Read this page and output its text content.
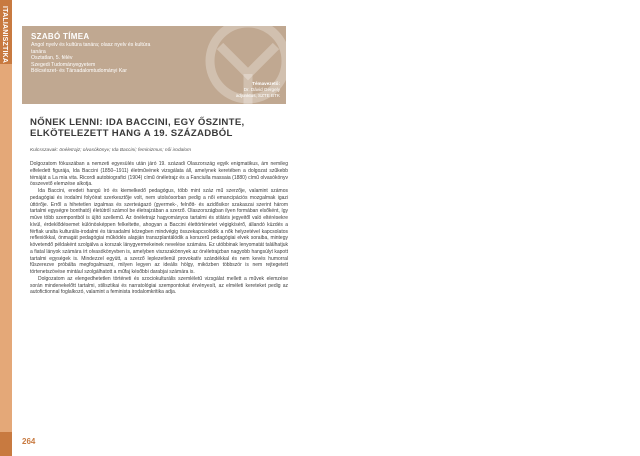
ITALIANISZTIKA
264
SZABÓ TÍMEA
Angol nyelv és kultúra tanára; olasz nyelv és kultúra
tanára
Osztatlan, 5. félév
Szegedi Tudományegyetem
Bölcsészet- és Társadalomtudományi Kar
Témavezető:
Dr. Dávid Gergely
adjunktus, SZTE BTK
NŐNEK LENNI: IDA BACCINI, EGY ŐSZINTE, ELKÖTELEZETT HANG A 19. SZÁZADBÓL
Kulcsszavak: önéletrajz; olvasókönyv; Ida Baccini; feminizmus; női irodalom

Dolgozatom fókuszában a nemzeti egyesülés után járó 19. századi Olaszország egyik enigmatikus, ám nemileg elfeledett figurája, Ida Baccini (1850–1911) életművének vizsgálata áll, amelynek keretében a dolgozat szűkebb témáját a La mia vita. Ricordi autobiografici (1904) című önéletrajz és a Fanciulla massaia (1880) című olvasókönyv összevető elemzése alkotja.

Ida Baccini, eredeti hangú író és kiemelkedő pedagógus, több mint száz mű szerzője, valamint számos pedagógiai és irodalmi folyóirat szerkesztője volt, nem utolsósorban pedig a női emancipációs mozgalmak igazi úttörője. Erről a hihetetlen izgalmas és szerteágazó (gyermek-, felnőtt- és azidősikor szakaszai szerint három tartalmi egységre bontható) életútról számol be életrajzában a szerző. Olaszországban ilyen formában elsőként, így mûve több szempontból is újító szellemű. Az önéletrajz hagyományos tartalmi és stiláris jegyeitől való eltérésekre kívül, érdeklődésemet különösképpen felkeltette, ahogyan a Baccini élettörténetet végigkísérő, állandó küzdés a férfiak uralta kulturális-irodalmi és társadalmi közegben mindvégig összekapcsolódik a nők helyzetével kapcsolatos reflexiókkal, önmagát pedagógiai működés alapján transzplantálódik a korszerű pedagógiai elvek soraiba, mintegy követendő példaként szolgálva a korszak lánygyermekeinek nevelése számára. Ez utóbbinak lenyomatát találhatjuk a fiatal lányok számára írt olvasókönyvben is, amelyben viszszakönnyek az önéletrajzban nagyobb hangsúlyt kapott tartalmi egységek is. Mindezzel együtt, a szerző leplezetlenül provokatív szándékkal és nem kevés humorral fűszerezve próbálta megfogalmazni, milyen legyen az ideális hölgy, miközben többször is nem rejtegetett törtenetszövése mintául szolgálhatott a műfaj későbbi darabjai számára is.

Dolgozatom az elengedhetetlen történeti és szociokulturális szemléletű vizsgálat mellett a művek elemzése során mindenekelőtt tartalmi, stilisztikai és narratológiai szempontokat érvényesít, az elméleti kereteket pedig az autofictionnal foglalkozó, valamint a feminista irodalomkritika adja.
